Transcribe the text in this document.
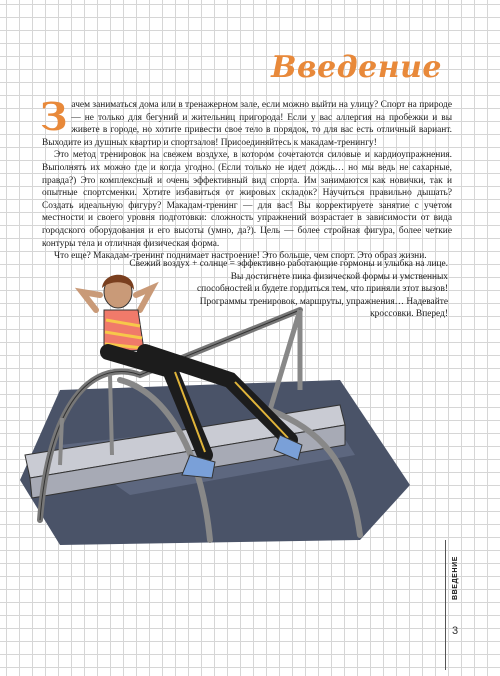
Введение

Зачем заниматься дома или в тренажерном зале, если можно выйти на улицу? Спорт на природе — не только для бегуний и жительниц пригорода! Если у вас аллергия на пробежки и вы живете в городе, но хотите привести свое тело в порядок, то для вас есть отличный вариант. Выходите из душных квартир и спортзалов! Присоединяйтесь к макадам-тренингу!

Это метод тренировок на свежем воздухе, в котором сочетаются силовые и кардиоупражнения. Выполнять их можно где и когда угодно. (Если только не идет дождь… но мы ведь не сахарные, правда?) Это комплексный и очень эффективный вид спорта. Им занимаются как новички, так и опытные спортсменки. Хотите избавиться от жировых складок? Научиться правильно дышать? Создать идеальную фигуру? Макадам-тренинг — для вас! Вы корректируете занятие с учетом местности и своего уровня подготовки: сложность упражнений возрастает в зависимости от вида городского оборудования и его высоты (умно, да?). Цель — более стройная фигура, более четкие контуры тела и отличная физическая форма.

Что еще? Макадам-тренинг поднимает настроение! Это больше, чем спорт. Это образ жизни.

Свежий воздух + солнце = эффективно работающие гормоны и улыбка на лице. Вы достигнете пика физической формы и умственных

способностей и будете гордиться тем, что приняли этот вызов!

Программы тренировок, маршруты, упражнения… Надевайте

кроссовки. Вперед!

ВВЕДЕНИЕ
3
